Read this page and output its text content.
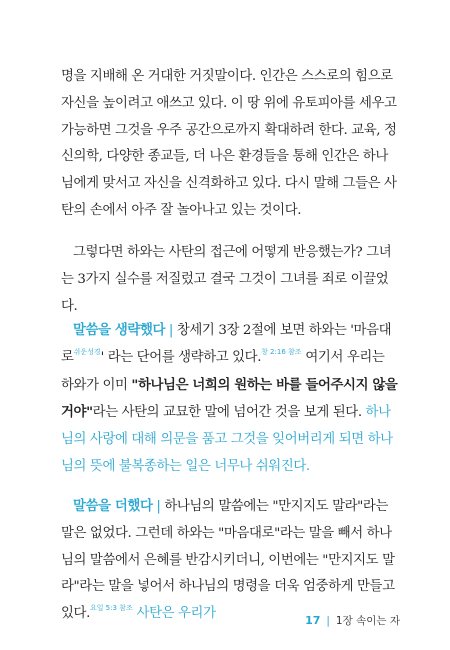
명을 지배해 온 거대한 거짓말이다. 인간은 스스로의 힘으로 자신을 높이려고 애쓰고 있다. 이 땅 위에 유토피아를 세우고 가능하면 그것을 우주 공간으로까지 확대하려 한다. 교육, 정신의학, 다양한 종교들, 더 나은 환경들을 통해 인간은 하나님에게 맞서고 자신을 신격화하고 있다. 다시 말해 그들은 사탄의 손에서 아주 잘 놀아나고 있는 것이다.

그렇다면 하와는 사탄의 접근에 어떻게 반응했는가? 그녀는 3가지 실수를 저질렀고 결국 그것이 그녀를 죄로 이끌었다.

말씀을 생략했다 | 창세기 3장 2절에 보면 하와는 '마음대로$^{쉬운성경}$' 라는 단어를 생략하고 있다.$^{창 2:16 참조}$ 여기서 우리는 하와가 이미 "하나님은 너희의 원하는 바를 들어주시지 않을 거야"라는 사탄의 교묘한 말에 넘어간 것을 보게 된다. 하나님의 사랑에 대해 의문을 품고 그것을 잊어버리게 되면 하나님의 뜻에 불복종하는 일은 너무나 쉬워진다.

말씀을 더했다 | 하나님의 말씀에는 "만지지도 말라"라는 말은 없었다. 그런데 하와는 "마음대로"라는 말을 빼서 하나님의 말씀에서 은혜를 반감시키더니, 이번에는 "만지지도 말라"라는 말을 넣어서 하나님의 명령을 더욱 엄중하게 만들고 있다.$^{요일 5:3 참조}$ 사탄은 우리가	17 | 1장 속이는 자
